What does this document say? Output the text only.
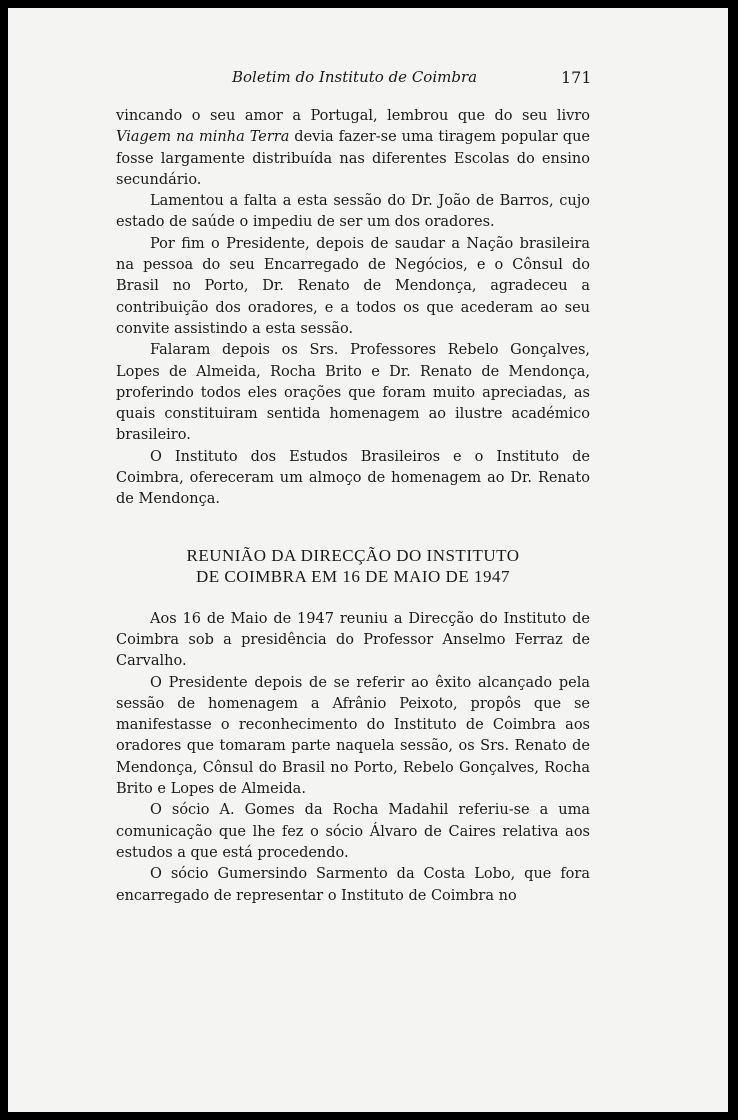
Boletim do Instituto de Coimbra	171

vincando o seu amor a Portugal, lembrou que do seu livro Viagem na minha Terra devia fazer-se uma tiragem popular que fosse largamente distribuída nas diferentes Escolas do ensino secundário.

Lamentou a falta a esta sessão do Dr. João de Barros, cujo estado de saúde o impediu de ser um dos oradores.

Por fim o Presidente, depois de saudar a Nação brasileira na pessoa do seu Encarregado de Negócios, e o Cônsul do Brasil no Porto, Dr. Renato de Mendonça, agradeceu a contribuição dos oradores, e a todos os que acederam ao seu convite assistindo a esta sessão.

Falaram depois os Srs. Professores Rebelo Gonçalves, Lopes de Almeida, Rocha Brito e Dr. Renato de Mendonça, proferindo todos eles orações que foram muito apreciadas, as quais constituiram sentida homenagem ao ilustre académico brasileiro.

O Instituto dos Estudos Brasileiros e o Instituto de Coimbra, ofereceram um almoço de homenagem ao Dr. Renato de Mendonça.

REUNIÃO DA DIRECÇÃO DO INSTITUTO
DE COIMBRA EM 16 DE MAIO DE 1947

Aos 16 de Maio de 1947 reuniu a Direcção do Instituto de Coimbra sob a presidência do Professor Anselmo Ferraz de Carvalho.

O Presidente depois de se referir ao êxito alcançado pela sessão de homenagem a Afrânio Peixoto, propôs que se manifestasse o reconhecimento do Instituto de Coimbra aos oradores que tomaram parte naquela sessão, os Srs. Renato de Mendonça, Cônsul do Brasil no Porto, Rebelo Gonçalves, Rocha Brito e Lopes de Almeida.

O sócio A. Gomes da Rocha Madahil referiu-se a uma comunicação que lhe fez o sócio Álvaro de Caires relativa aos estudos a que está procedendo.

O sócio Gumersindo Sarmento da Costa Lobo, que fora encarregado de representar o Instituto de Coimbra no
